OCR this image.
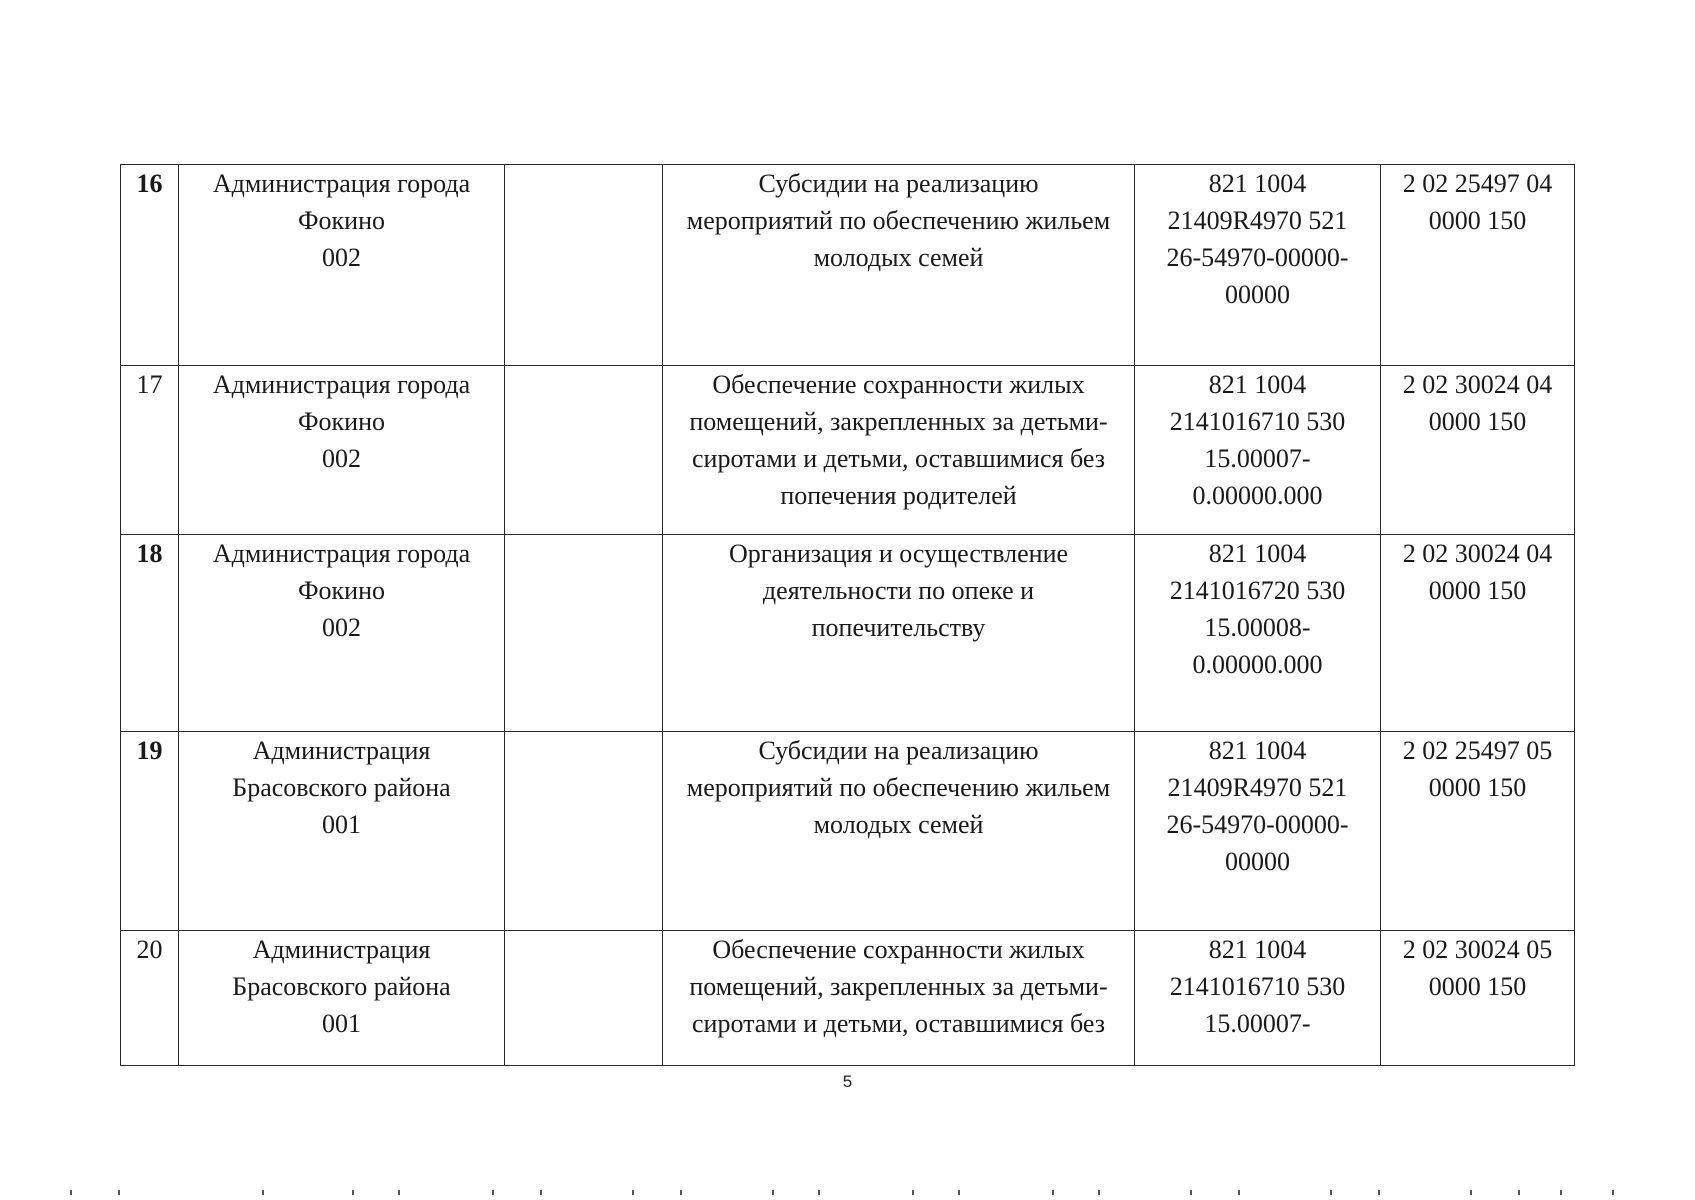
16	Администрация города
Фокино
002		Субсидии на реализацию
мероприятий по обеспечению жильем
молодых семей	821 1004
21409R4970 521
26-54970-00000-
00000	2 02 25497 04
0000 150

17	Администрация города
Фокино
002		Обеспечение сохранности жилых
помещений, закрепленных за детьми-
сиротами и детьми, оставшимися без
попечения родителей	821 1004
2141016710 530
15.00007-
0.00000.000	2 02 30024 04
0000 150

18	Администрация города
Фокино
002		Организация и осуществление
деятельности по опеке и
попечительству	821 1004
2141016720 530
15.00008-
0.00000.000	2 02 30024 04
0000 150

19	Администрация
Брасовского района
001		Субсидии на реализацию
мероприятий по обеспечению жильем
молодых семей	821 1004
21409R4970 521
26-54970-00000-
00000	2 02 25497 05
0000 150

20	Администрация
Брасовского района
001		Обеспечение сохранности жилых
помещений, закрепленных за детьми-
сиротами и детьми, оставшимися без	821 1004
2141016710 530
15.00007-	2 02 30024 05
0000 150
5
